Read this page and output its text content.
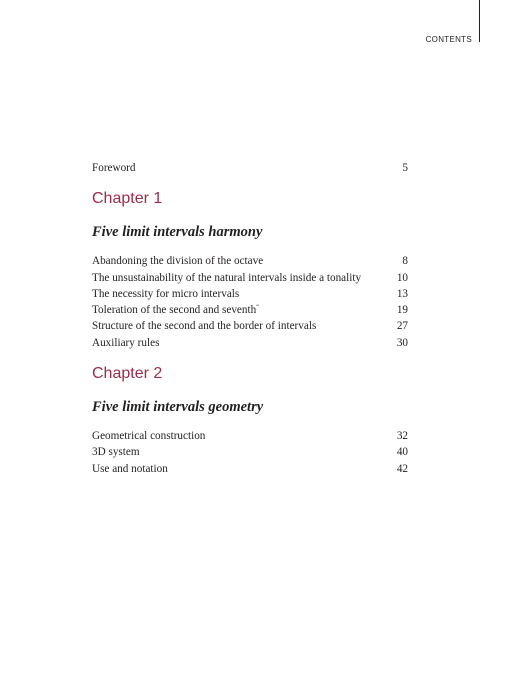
CONTENTS
Foreword	5
Chapter 1
Five limit intervals harmony
Abandoning the division of the octave	8
The unsustainability of the natural intervals inside a tonality	10
The necessity for micro intervals	13
Toleration of the second and seventh“	19
Structure of the second and the border of intervals	27
Auxiliary rules	30
Chapter 2
Five limit intervals geometry
Geometrical construction	32
3D system	40
Use and notation	42
